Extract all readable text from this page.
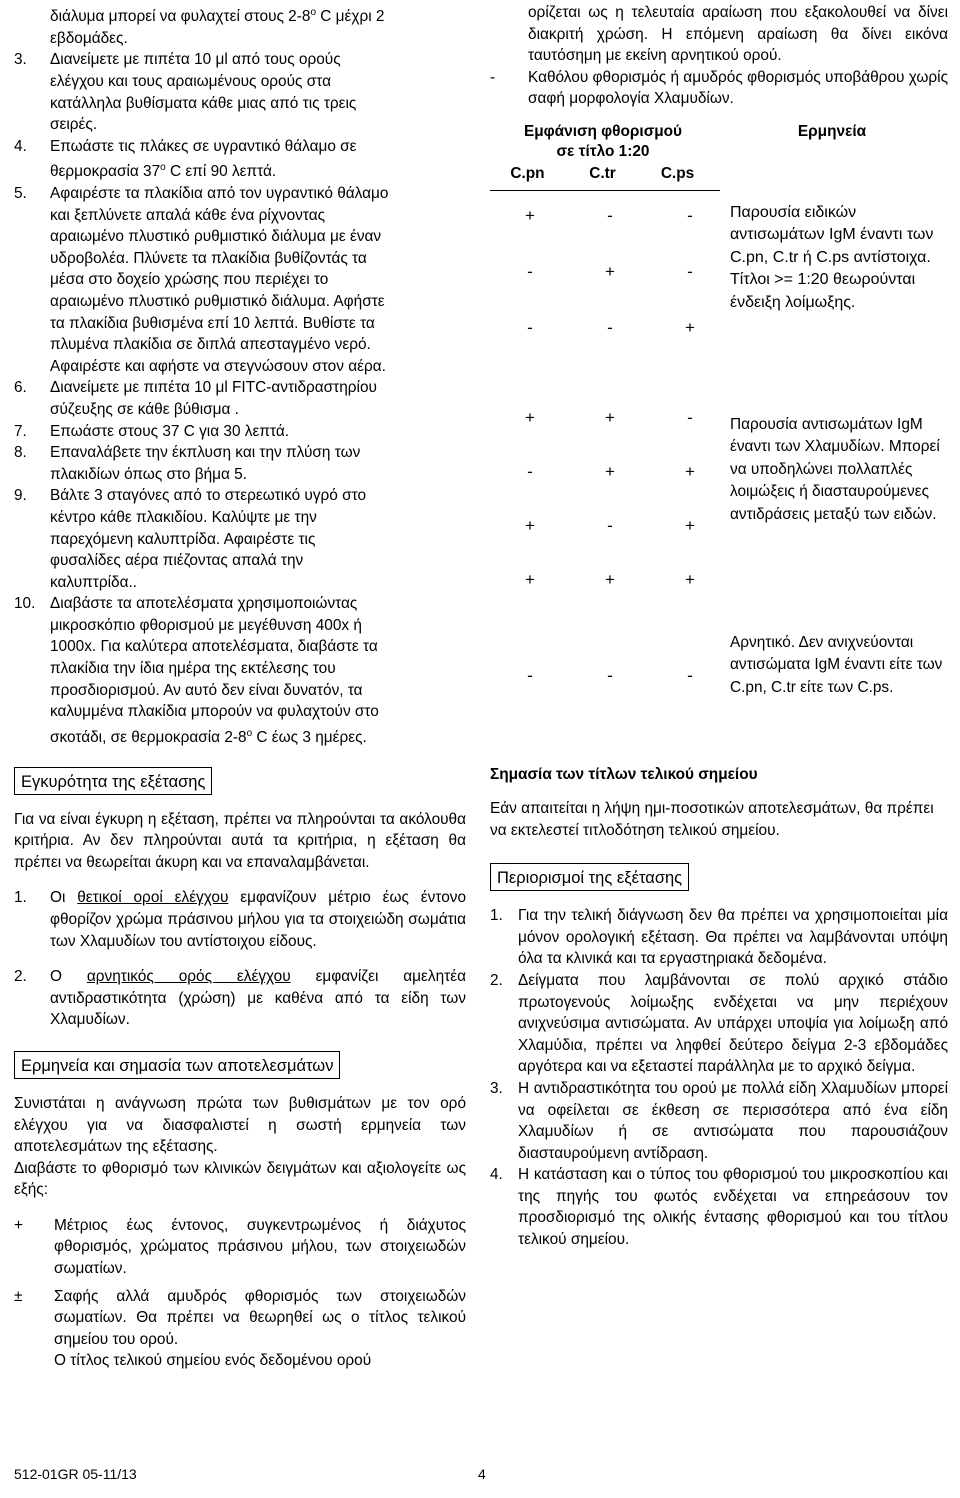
διάλυμα μπορεί να φυλαχτεί στους $2-8^o$ C μέχρι 2
εβδομάδες.

3.	Διανείμετε με πιπέτα 10 μl από τους ορούς
ελέγχου και τους αραιωμένους ορούς στα
κατάλληλα βυθίσματα κάθε μιας από τις τρεις
σειρές.
4.	Επωάστε τις πλάκες σε υγραντικό θάλαμο σε
θερμοκρασία $37^o$ C επί 90 λεπτά.
5.	Αφαιρέστε τα πλακίδια από τον υγραντικό θάλαμο
και ξεπλύνετε απαλά κάθε ένα ρίχνοντας
αραιωμένο πλυστικό ρυθμιστικό διάλυμα με έναν
υδροβολέα. Πλύνετε τα πλακίδια βυθίζοντάς τα
μέσα στο δοχείο χρώσης που περιέχει το
αραιωμένο πλυστικό ρυθμιστικό διάλυμα. Αφήστε
τα πλακίδια βυθισμένα επί 10 λεπτά. Βυθίστε τα
πλυμένα πλακίδια σε διπλά απεσταγμένο νερό.
Αφαιρέστε και αφήστε να στεγνώσουν στον αέρα.
6.	Διανείμετε με πιπέτα 10 μl FITC-αντιδραστηρίου
σύζευξης σε κάθε βύθισμα .
7.	Επωάστε στους 37 C για 30 λεπτά.
8.	Επαναλάβετε την έκπλυση και την πλύση των
πλακιδίων όπως στο βήμα 5.
9.	Βάλτε 3 σταγόνες από το στερεωτικό υγρό στο
κέντρο κάθε πλακιδίου. Καλύψτε με την
παρεχόμενη καλυπτρίδα. Αφαιρέστε τις
φυσαλίδες αέρα πιέζοντας απαλά την
καλυπτρίδα..
10. Διαβάστε τα αποτελέσματα χρησιμοποιώντας
μικροσκόπιο φθορισμού με μεγέθυνση 400x ή
1000x. Για καλύτερα αποτελέσματα, διαβάστε τα
πλακίδια την ίδια ημέρα της εκτέλεσης του
προσδιορισμού. Αν αυτό δεν είναι δυνατόν, τα
καλυμμένα πλακίδια μπορούν να φυλαχτούν στο
σκοτάδι, σε θερμοκρασία $2-8^o$ C έως 3 ημέρες.
Εγκυρότητα της εξέτασης

Για να είναι έγκυρη η εξέταση, πρέπει να πληρούνται τα ακόλουθα κριτήρια. Αν δεν πληρούνται αυτά τα κριτήρια, η εξέταση θα πρέπει να θεωρείται άκυρη και να επαναλαμβάνεται.

1.	Οι θετικοί οροί ελέγχου εμφανίζουν μέτριο έως έντονο φθορίζον χρώμα πράσινου μήλου για τα στοιχειώδη σωμάτια των Χλαμυδίων του αντίστοιχου είδους.
2.	Ο αρνητικός ορός ελέγχου εμφανίζει αμελητέα αντιδραστικότητα (χρώση) με καθένα από τα είδη των Χλαμυδίων.
Ερμηνεία και σημασία των αποτελεσμάτων

Συνιστάται η ανάγνωση πρώτα των βυθισμάτων με τον ορό ελέγχου για να διασφαλιστεί η σωστή ερμηνεία των αποτελεσμάτων της εξέτασης.

Διαβάστε το φθορισμό των κλινικών δειγμάτων και αξιολογείτε ως εξής:

+	Μέτριος έως έντονος, συγκεντρωμένος ή διάχυτος φθορισμός, χρώματος πράσινου μήλου, των στοιχειωδών σωματίων.
±	Σαφής αλλά αμυδρός φθορισμός των στοιχειωδών σωματίων. Θα πρέπει να θεωρηθεί ως ο τίτλος τελικού σημείου του ορού.
Ο τίτλος τελικού σημείου ενός δεδομένου ορού

ορίζεται ως η τελευταία αραίωση που εξακολουθεί να δίνει διακριτή χρώση. Η επόμενη αραίωση θα δίνει εικόνα ταυτόσημη με εκείνη αρνητικού ορού.

-	Καθόλου φθορισμός ή αμυδρός φθορισμός υποβάθρου χωρίς σαφή μορφολογία Χλαμυδίων.
Εμφάνιση φθορισμού
σε τίτλο 1:20
Ερμηνεία
C.pn	C.tr	C.ps
+	-	-
-	+	-
-	-	+
Παρουσία ειδικών αντισωμάτων IgM έναντι των C.pn, C.tr ή C.ps αντίστοιχα. Τίτλοι >= 1:20 θεωρούνται ένδειξη λοίμωξης.
+	+	-
-	+	+
+	-	+
+	+	+
Παρουσία αντισωμάτων IgM έναντι των Χλαμυδίων. Μπορεί να υποδηλώνει πολλαπλές λοιμώξεις ή διασταυρούμενες αντιδράσεις μεταξύ των ειδών.
-	-	-
Αρνητικό. Δεν ανιχνεύονται αντισώματα IgM έναντι είτε των C.pn, C.tr είτε των C.ps.

Σημασία των τίτλων τελικού σημείου

Εάν απαιτείται η λήψη ημι-ποσοτικών αποτελεσμάτων, θα πρέπει να εκτελεστεί τιτλοδότηση τελικού σημείου.

Περιορισμοί της εξέτασης
1. Για την τελική διάγνωση δεν θα πρέπει να χρησιμοποιείται μία μόνον ορολογική εξέταση. Θα πρέπει να λαμβάνονται υπόψη όλα τα κλινικά και τα εργαστηριακά δεδομένα.
2. Δείγματα που λαμβάνονται σε πολύ αρχικό στάδιο πρωτογενούς λοίμωξης ενδέχεται να μην περιέχουν ανιχνεύσιμα αντισώματα. Αν υπάρχει υποψία για λοίμωξη από Χλαμύδια, πρέπει να ληφθεί δεύτερο δείγμα 2-3 εβδομάδες αργότερα και να εξεταστεί παράλληλα με το αρχικό δείγμα.
3. Η αντιδραστικότητα του ορού με πολλά είδη Χλαμυδίων μπορεί να οφείλεται σε έκθεση σε περισσότερα από ένα είδη Χλαμυδίων ή σε αντισώματα που παρουσιάζουν διασταυρούμενη αντίδραση.
4. Η κατάσταση και ο τύπος του φθορισμού του μικροσκοπίου και της πηγής του φωτός ενδέχεται να επηρεάσουν τον προσδιορισμό της ολικής έντασης φθορισμού και του τίτλου τελικού σημείου.
512-01GR 05-11/13	4
